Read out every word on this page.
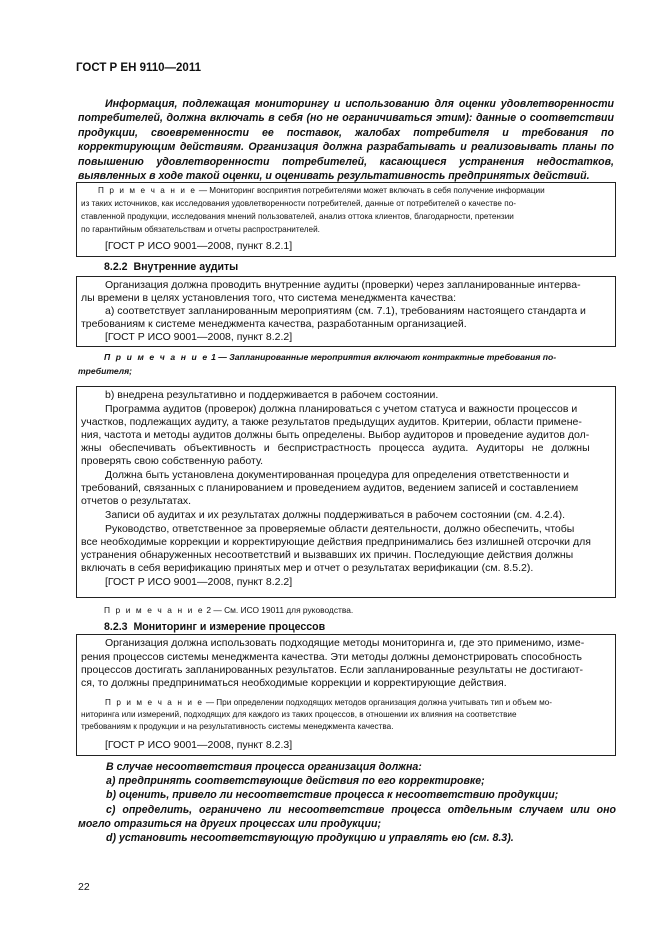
ГОСТ Р ЕН 9110—2011

Информация, подлежащая мониторингу и использованию для оценки удовлетворенности потребителей, должна включать в себя (но не ограничиваться этим): данные о соответствии продукции, своевременности ее поставок, жалобах потребителя и требования по корректирующим действиям. Организация должна разрабатывать и реализовывать планы по повышению удовлетворенности потребителей, касающиеся устранения недостатков, выявленных в ходе такой оценки, и оценивать результативность предпринятых действий.

П р и м е ч а н и е — Мониторинг восприятия потребителями может включать в себя получение информации
из таких источников, как исследования удовлетворенности потребителей, данные от потребителей о качестве по-
ставленной продукции, исследования мнений пользователей, анализ оттока клиентов, благодарности, претензии
по гарантийным обязательствам и отчеты распространителей.
[ГОСТ Р ИСО 9001—2008, пункт 8.2.1]
8.2.2 Внутренние аудиты
Организация должна проводить внутренние аудиты (проверки) через запланированные интерва-
лы времени в целях установления того, что система менеджмента качества:
а) соответствует запланированным мероприятиям (см. 7.1), требованиям настоящего стандарта и
требованиям к системе менеджмента качества, разработанным организацией.
[ГОСТ Р ИСО 9001—2008, пункт 8.2.2]
П р и м е ч а н и е 1 — Запланированные мероприятия включают контрактные требования по-
требителя;
b) внедрена результативно и поддерживается в рабочем состоянии.
Программа аудитов (проверок) должна планироваться с учетом статуса и важности процессов и
участков, подлежащих аудиту, а также результатов предыдущих аудитов. Критерии, области примене-
ния, частота и методы аудитов должны быть определены. Выбор аудиторов и проведение аудитов дол-
жны обеспечивать объективность и беспристрастность процесса аудита. Аудиторы не должны
проверять свою собственную работу.
Должна быть установлена документированная процедура для определения ответственности и
требований, связанных с планированием и проведением аудитов, ведением записей и составлением
отчетов о результатах.
Записи об аудитах и их результатах должны поддерживаться в рабочем состоянии (см. 4.2.4).
Руководство, ответственное за проверяемые области деятельности, должно обеспечить, чтобы
все необходимые коррекции и корректирующие действия предпринимались без излишней отсрочки для
устранения обнаруженных несоответствий и вызвавших их причин. Последующие действия должны
включать в себя верификацию принятых мер и отчет о результатах верификации (см. 8.5.2).
[ГОСТ Р ИСО 9001—2008, пункт 8.2.2]
П р и м е ч а н и е 2 — См. ИСО 19011 для руководства.
8.2.3 Мониторинг и измерение процессов
Организация должна использовать подходящие методы мониторинга и, где это применимо, изме-
рения процессов системы менеджмента качества. Эти методы должны демонстрировать способность
процессов достигать запланированных результатов. Если запланированные результаты не достигают-
ся, то должны предприниматься необходимые коррекции и корректирующие действия.
П р и м е ч а н и е — При определении подходящих методов организация должна учитывать тип и объем мо-
ниторинга или измерений, подходящих для каждого из таких процессов, в отношении их влияния на соответствие
требованиям к продукции и на результативность системы менеджмента качества.
[ГОСТ Р ИСО 9001—2008, пункт 8.2.3]
В случае несоответствия процесса организация должна:
a) предпринять соответствующие действия по его корректировке;
b) оценить, привело ли несоответствие процесса к несоответствию продукции;
c) определить, ограничено ли несоответствие процесса отдельным случаем или оно
могло отразиться на других процессах или продукции;
d) установить несоответствующую продукцию и управлять ею (см. 8.3).
22
